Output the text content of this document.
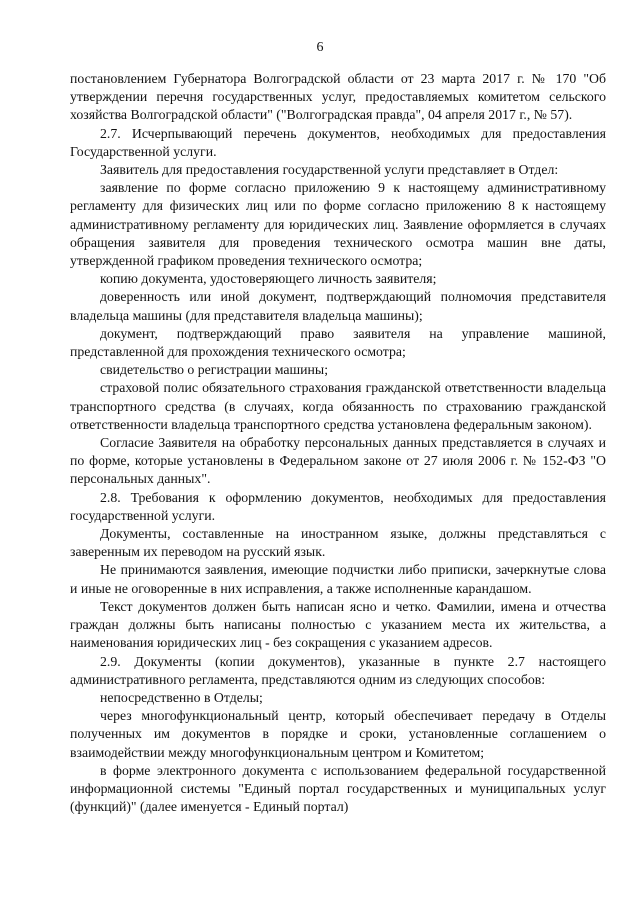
6

постановлением Губернатора Волгоградской области от 23 марта 2017 г. № 170 "Об утверждении перечня государственных услуг, предоставляемых комитетом сельского хозяйства Волгоградской области" ("Волгоградская правда", 04 апреля 2017 г., № 57).

2.7. Исчерпывающий перечень документов, необходимых для предоставления Государственной услуги.

Заявитель для предоставления государственной услуги представляет в Отдел:

заявление по форме согласно приложению 9 к настоящему административному регламенту для физических лиц или по форме согласно приложению 8 к настоящему административному регламенту для юридических лиц. Заявление оформляется в случаях обращения заявителя для проведения технического осмотра машин вне даты, утвержденной графиком проведения технического осмотра;

копию документа, удостоверяющего личность заявителя;

доверенность или иной документ, подтверждающий полномочия представителя владельца машины (для представителя владельца машины);

документ, подтверждающий право заявителя на управление машиной, представленной для прохождения технического осмотра;

свидетельство о регистрации машины;

страховой полис обязательного страхования гражданской ответственности владельца транспортного средства (в случаях, когда обязанность по страхованию гражданской ответственности владельца транспортного средства установлена федеральным законом).

Согласие Заявителя на обработку персональных данных представляется в случаях и по форме, которые установлены в Федеральном законе от 27 июля 2006 г. № 152-ФЗ "О персональных данных".

2.8. Требования к оформлению документов, необходимых для предоставления государственной услуги.

Документы, составленные на иностранном языке, должны представляться с заверенным их переводом на русский язык.

Не принимаются заявления, имеющие подчистки либо приписки, зачеркнутые слова и иные не оговоренные в них исправления, а также исполненные карандашом.

Текст документов должен быть написан ясно и четко. Фамилии, имена и отчества граждан должны быть написаны полностью с указанием места их жительства, а наименования юридических лиц - без сокращения с указанием адресов.

2.9. Документы (копии документов), указанные в пункте 2.7 настоящего административного регламента, представляются одним из следующих способов:

непосредственно в Отделы;

через многофункциональный центр, который обеспечивает передачу в Отделы полученных им документов в порядке и сроки, установленные соглашением о взаимодействии между многофункциональным центром и Комитетом;

в форме электронного документа с использованием федеральной государственной информационной системы "Единый портал государственных и муниципальных услуг (функций)" (далее именуется - Единый портал)
